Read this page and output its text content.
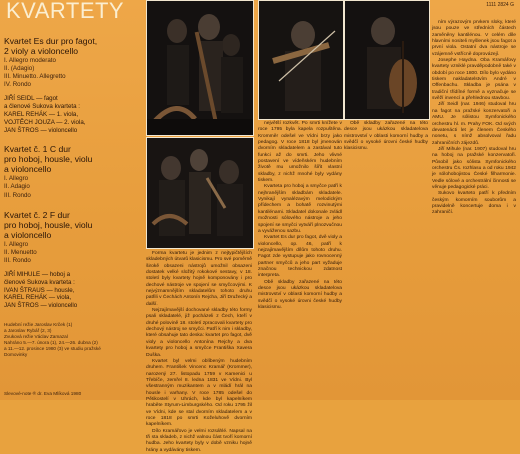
KVARTETY	1111 2824 G
Kvartet Es dur pro fagot,
2 violy a violoncello
I. Allegro moderato
II. (Adagio)
III. Minuetto. Allegretto
IV. Rondo
JIŘÍ SEIDL — fagot
a členové Sukova kvarteta :
KAREL REHÁK — 1. viola,
VOJTĚCH JOUZA — 2. viola,
JAN ŠTROS — violoncello
Kvartet č. 1 C dur
pro hoboj, housle, violu
a violoncello
I. Allegro
II. Adagio
III. Rondo
Kvartet č. 2 F dur
pro hoboj, housle, violu
a violoncello
I. Allegro
II. Menuetto
III. Rondo
JIŘÍ MIHULE — hoboj a
členové Sukova kvarteta :
IVAN ŠTRAUS — housle,
KAREL REHÁK — viola,
JAN ŠTROS — violoncello
Hudební režie Jaroslav Krček (1)
a Jaroslav Rybář (2, 3)
Zvuková režie Václav Zamazal
Nahráno 5.—7. února (1), 24.—26. dubna (2)
a 11.—12. prosince 1980 (3) ve studiu pražské
Domovinky
Slevové-note ® dr. Eva Mlíková 1980

Forma kvartetu je jednim z nejtypičtějších skladebných útvarů klasicismu. Pro své poměrně širokě obsazeni nástrojů umožnil obsazeni dostatek velké složitý rokokové sestavy, v 18. století byly kvartety hojně komponovány i pro dechové nástroje ve spojení se smyčcovými. K nejvýznamnějším skladatelům tohoto druhu patřili v Čechách Antonín Rejcha, Jiří Družecký a další.

Nejzajímavější dochované skladby této formy psali skladatelé, již pocházeli z Čech, kteří v druhé polovině 18. století zpracovali kvartety pro dechový nástroj se smyčci. Patří k nim i skladby, které obsahuje tato deska: kvartet pro fagot, dvě violy a violoncello Antonína Rejchy a dva kvartety pro hoboj a smyčce Františka Xavera Duška.

Kvartet byl velmi oblíbeným hudebním druhem. František Vincenc Kramář (Krommer), narozený 27. listopadu 1759 v Kamenici u Třebíče, zemřel 8. ledna 1831 ve Vídni. Byl všestranným muzikantem a v mládí hrál na housle i varhany. V roce 1785 odešel do Pětikostelí v Uhrách, kde byl kapelníkem hraběte Styrum-Limburgského. Od roku 1795 žil ve Vídni, kde se stal dvorním skladatelem a v roce 1818 po smrti Koželuhově dvorním kapelníkem.

Dílo Kramářovo je velmi rozsáhlé. Napsal na tři sta skladeb, z nichž valnou část tvoří komorní hudba. Jeho kvartety byly v době vzniku hojně hrány a vydávány tiskem.

největší rozkvět. Po smrti knížete v roce 1795 byla kapela rozpuštěna. Kromměr odešel ve Vídni brzy jako pedagog. V roce 1818 byl jmenován dvorním skladatelem a zastával tuto funkci až do smrti. Jeho vlivné postavení ve vídeňském hudebním životě mu umožnilo šířit vlastní skladby, z nichž mnohé byly vydány tiskem.

Kvarteta pro hoboj a smyčce patří k nejhranějším skladbám skladatele. Vynikají vynalézavým melodickým přídechem a bohatě rozvinutými kantilénami. Skladatel dokonale zvládl možnosti sólového nástroje a jeho spojení se smyčci vytváří plnozvučnou a vyváženou sazbu.

Kvartet Es dur pro fagot, dvě violy a violoncello, op. 46, patří k nejzajímavějším dílům tohoto druhu. Fagot zde vystupuje jako rovnocenný partner smyčců a jeho part vyžaduje značnou technickou zdatnost interpreta.

Obě skladby zařazené na této desce jsou ukázkou skladatelova mistrovství v oblasti komorní hudby a svědčí o vysoké úrovni české hudby klasicismu.

ním výrazovým prvkem sloky, které jsou pouze ve středních částech zaměněny kantilénou. V celém díle hlavními nositeli myšlenek jsou fagot a první viola. Ostatní dva nástroje se vzájemně vstřícně doprovázejí.

Josephe Haydna. Oba Kramářovy kvartety vzniklé pravděpodobně také v období po roce 1800. Dílo bylo vydáno tiskem nakladatelstvím André v Offenbachu. Skladba je psána v tradiční třídílné formě a vyznačuje se svěží invencí a přehlednou stavbou.

Jiří Seidl (nar. 1946) studoval hru na fagot na pražské konzervatoři a AMU. Je sólistou Symfonického orchestru hl. m. Prahy FOK. Od svých devatenácti let je členem Českého nonetu, s nímž absolvoval řadu zahraničních zájezdů.

Jiří Mihule (nar. 1907) studoval hru na hoboj na pražské konzervatoři. Působil jako sólista Symfonického orchestru Čs. rozhlasu a od roku 1942 je sólohobojistou České filharmonie. Vedle sólové a orchestrální činnosti se věnuje pedagogické práci.

Sukovo kvarteto patří k předním českým komorním souborům a pravidelně koncertuje doma i v zahraničí.

Obě skladby zařazené na této desce jsou ukázkou skladatelova mistrovství v oblasti komorní hudby a svědčí o vysoké úrovni české hudby klasicismu.
